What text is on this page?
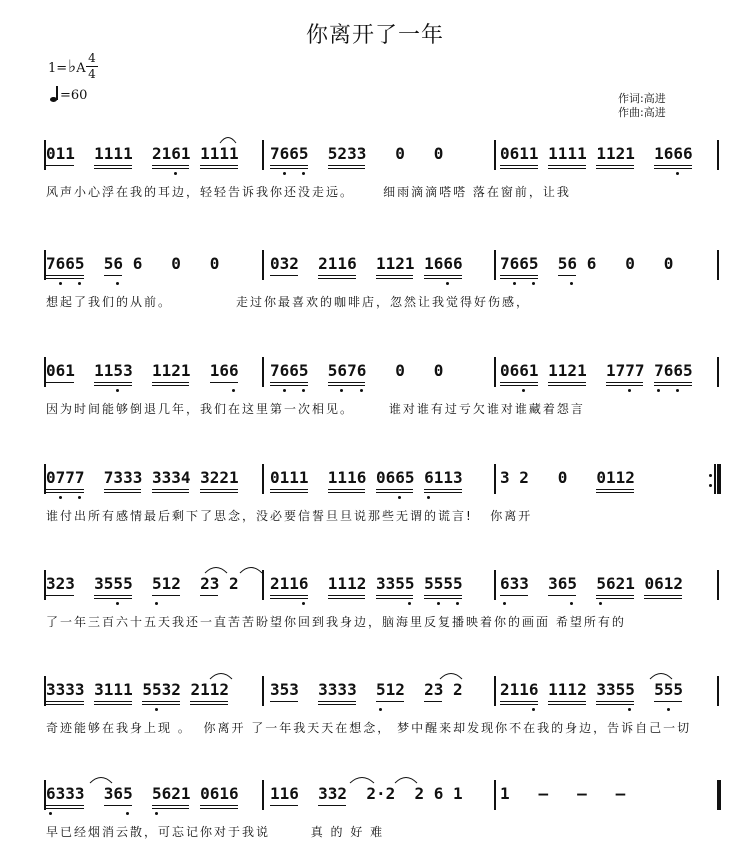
你离开了一年
1=♭A
4
4
=60	作词:高进
作曲:高进
011  1111  2161 1111 7665  5233   0   0	0611 1111 1121  1666
风声小心浮在我的耳边，轻轻告诉我你还没走远。     细雨滴滴嗒嗒 落在窗前，让我
7665  56 6   0   0	032  2116  1121 1666 7665  56 6   0   0
想起了我们的从前。           走过你最喜欢的咖啡店，忽然让我觉得好伤感，
061  1153  1121  166 7665  5676   0   0	0661 1121  1777 7665
因为时间能够倒退几年，我们在这里第一次相见。      谁对谁有过亏欠谁对谁藏着怨言
0777  7333 3334 3221 0111  1116 0665 6113 3 2   0   0112
谁付出所有感情最后剩下了思念，没必要信誓旦旦说那些无谓的谎言!   你离开
323  3555  512  23 2 2116  1112 3355 5555 633  365  5621 0612
了一年三百六十五天我还一直苦苦盼望你回到我身边，脑海里反复播映着你的画面 希望所有的
3333 3111 5532 2112	353  3333  512  23 2 2116 1112 3355  555
奇迹能够在我身上现 。  你离开 了一年我天天在想念， 梦中醒来却发现你不在我的身边，告诉自己一切
6333  365  5621 0616 116  332  2·2  2 6 1 1   –   –   –
早已经烟消云散，可忘记你对于我说       真 的 好 难
